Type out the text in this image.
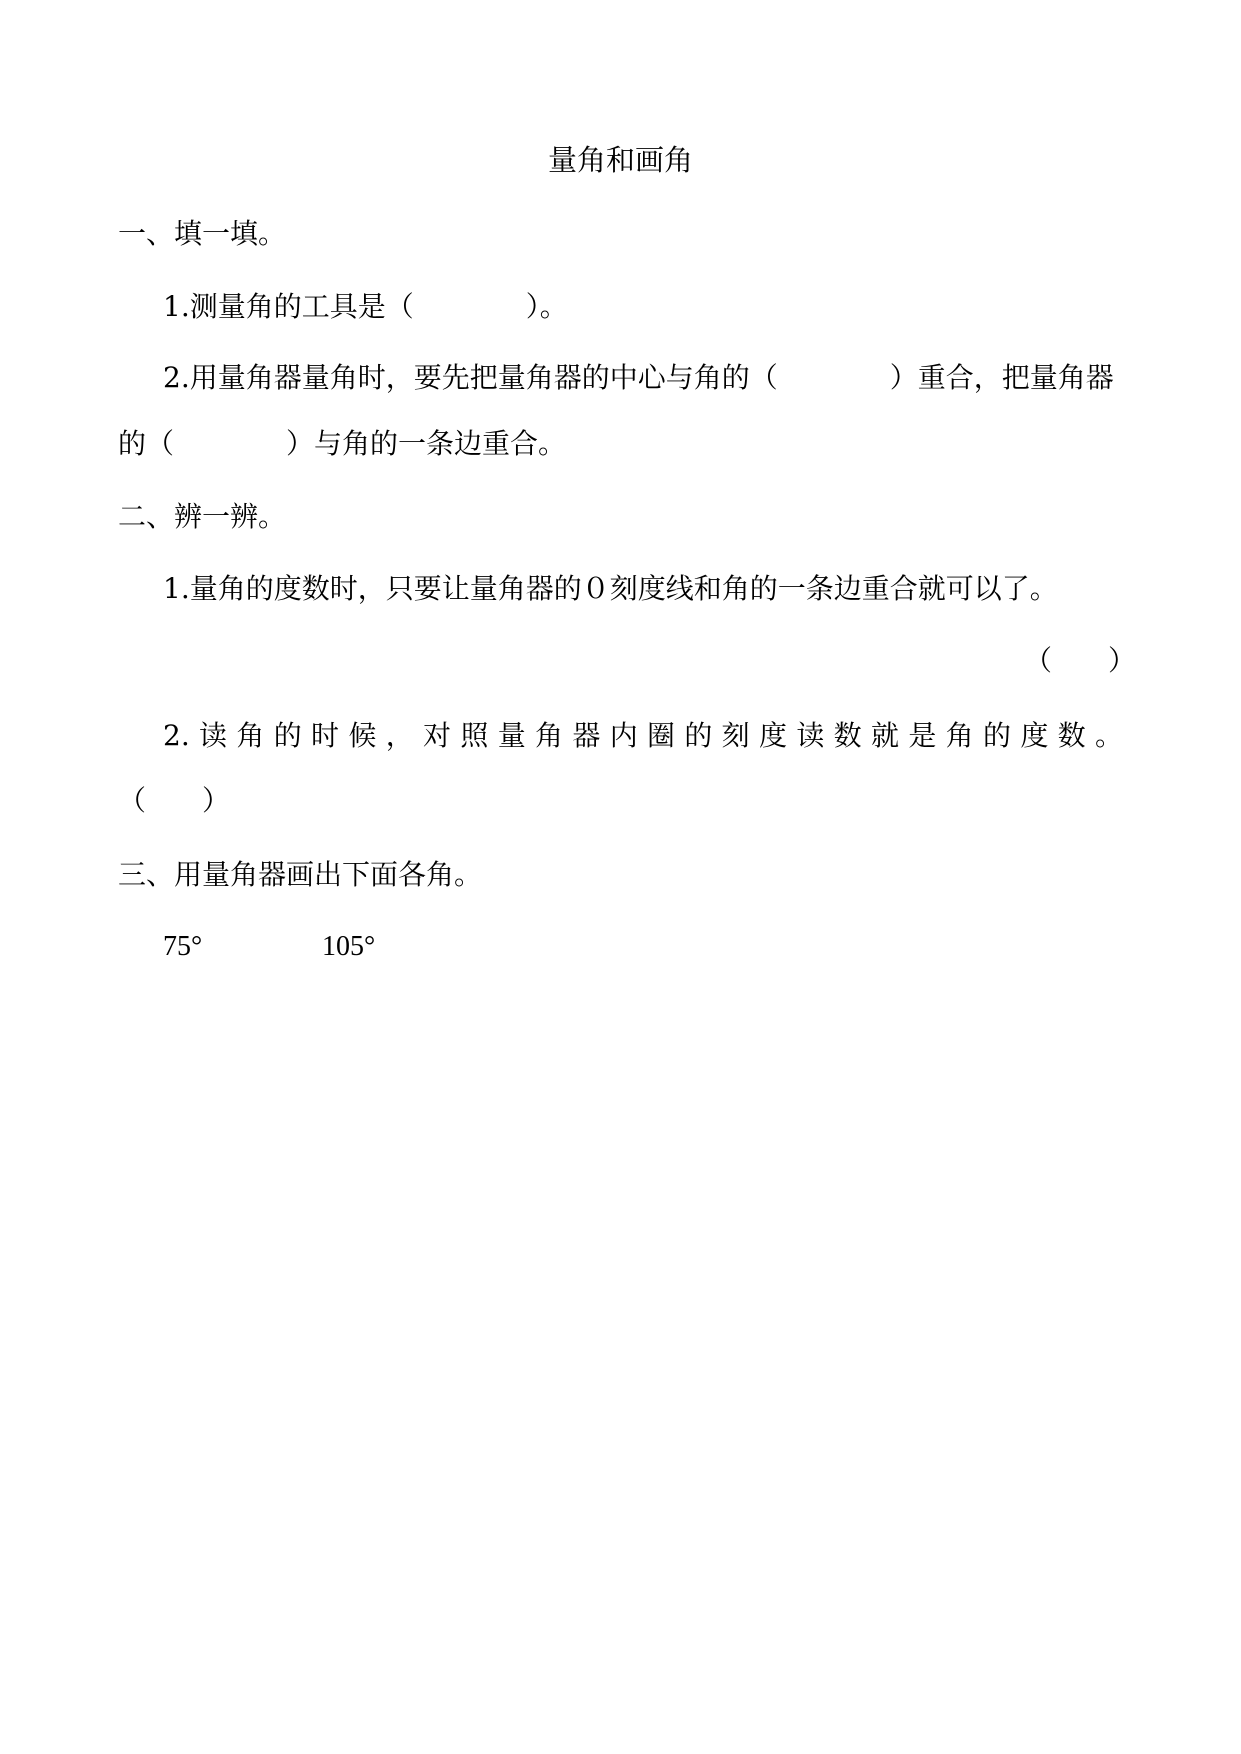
量角和画角
一、填一填。
1.测量角的工具是（　　　　）。
2.用量角器量角时，要先把量角器的中心与角的（　　　　）重合，把量角器
的（　　　　）与角的一条边重合。
二、辨一辨。
1.量角的度数时，只要让量角器的０刻度线和角的一条边重合就可以了。
（　　）
2.读角的时候，对照量角器内圈的刻度读数就是角的度数。
（　　）
三、用量角器画出下面各角。
75°	105°
